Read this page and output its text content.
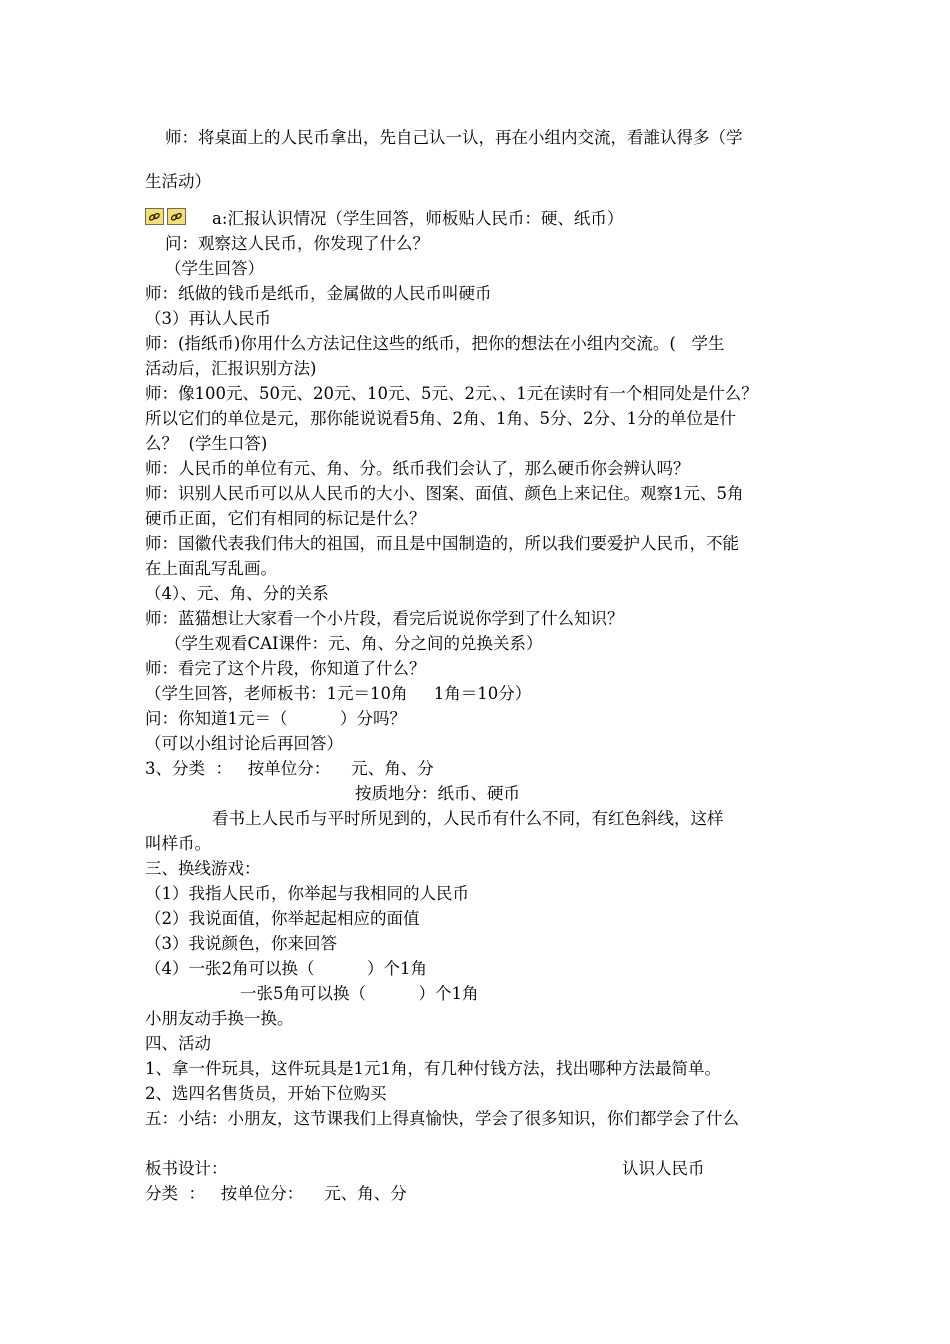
师：将桌面上的人民币拿出，先自己认一认，再在小组内交流，看誰认得多（学
生活动）
a:汇报认识情况（学生回答，师板贴人民币：硬、纸币）
问：观察这人民币，你发现了什么？
（学生回答）
师：纸做的钱币是纸币，金属做的人民币叫硬币
（3）再认人民币
师：(指纸币)你用什么方法记住这些的纸币，把你的想法在小组内交流。(   学生
活动后，汇报识别方法)
师：像100元、50元、20元、10元、5元、2元、、1元在读时有一个相同处是什么？
所以它们的单位是元，那你能说说看5角、2角、1角、5分、2分、1分的单位是什
么？  (学生口答)
师：人民币的单位有元、角、分。纸币我们会认了，那么硬币你会辨认吗？
师：识别人民币可以从人民币的大小、图案、面值、颜色上来记住。观察1元、5角
硬币正面，它们有相同的标记是什么？
师：国徽代表我们伟大的祖国，而且是中国制造的，所以我们要爱护人民币，不能
在上面乱写乱画。
（4）、元、角、分的关系
师：蓝猫想让大家看一个小片段，看完后说说你学到了什么知识？
（学生观看CAI课件：元、角、分之间的兑换关系）
师：看完了这个片段，你知道了什么？
（学生回答，老师板书：1元＝10角     1角＝10分）
问：你知道1元＝（          ）分吗？
（可以小组讨论后再回答）
3、分类  ：   按单位分：    元、角、分
按质地分：纸币、硬币
看书上人民币与平时所见到的，人民币有什么不同，有红色斜线，这样
叫样币。
三、换线游戏：
（1）我指人民币，你举起与我相同的人民币
（2）我说面值，你举起起相应的面值
（3）我说颜色，你来回答
（4）一张2角可以换（          ）个1角
一张5角可以换（          ）个1角
小朋友动手换一换。
四、活动
1、拿一件玩具，这件玩具是1元1角，有几种付钱方法，找出哪种方法最简单。
2、选四名售货员，开始下位购买
五：小结：小朋友，这节课我们上得真愉快，学会了很多知识，你们都学会了什么
板书设计：	认识人民币
分类  ：   按单位分：    元、角、分
